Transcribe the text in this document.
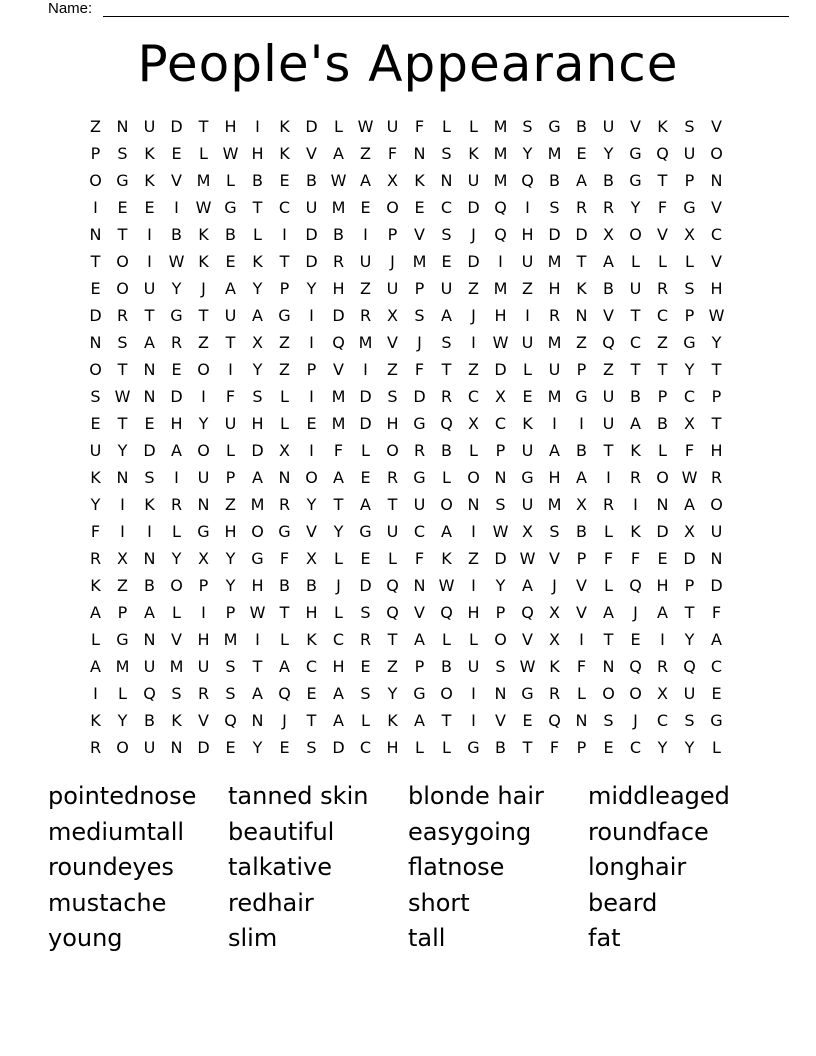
Name:
People's Appearance
Z N U D T	H	I	K D	L W U	F	L	L M S G B U V	K	S	V
P	S	K	E	L W H K	V	A	Z	F	N S	K M Y M E	Y G Q U O
O G K	V M L	B	E	B W A	X	K N U M Q B	A	B G T	P	N
I	E	E	I	W G T	C U M E O E	C D Q	I	S	R R	Y	F	G V
N	T	I	B	K	B	L	I	D B	I	P	V	S	J	Q H D D X O V	X C
T O	I	W K	E	K	T D R U	J	M E D	I	U M T	A	L	L	L	V
E O U	Y	J	A	Y	P	Y	H Z U	P	U Z M Z H K	B U R	S H
D R	T G T	U A G	I	D R X	S	A	J	H	I	R N V	T	C	P W
N S	A R Z	T	X	Z	I	Q M V	J	S	I	W U M Z Q C Z G Y
O T	N E O	I	Y	Z	P	V	I	Z	F	T	Z D	L	U	P	Z	T	T	Y	T
S W N D	I	F	S	L	I	M D S D R C X	E M G U B	P	C	P
E	T	E H	Y	U H	L	E M D H G Q X C	K	I	I	U A	B	X	T
U	Y D A O	L	D X	I	F	L	O R B	L	P	U A	B	T	K	L	F	H
K N S	I	U	P	A N O A	E	R G	L	O N G H A	I	R O W R
Y	I	K	R N Z M R	Y	T	A	T	U O N S	U M X R	I	N A O
F	I	I	L	G H O G V	Y G U C A	I	W X	S	B	L	K D X U
R X N	Y	X	Y G	F	X	L	E	L	F	K	Z D W V	P	F	F	E D N
K	Z	B O P	Y	H B	B	J	D Q N W	I	Y	A	J	V	L	Q H	P	D
A	P	A	L	I	P W T	H	L	S Q V Q H	P Q X	V	A	J	A	T	F
L	G N V H M	I	L	K	C R	T	A	L	L	O V	X	I	T	E	I	Y	A
A M U M U	S	T	A C H E	Z	P	B U	S W K	F	N Q R Q C
I	L	Q S	R	S	A Q E	A	S	Y G O	I	N G R	L	O O X U	E
K	Y	B	K	V Q N	J	T	A	L	K	A	T	I	V	E Q N S	J	C	S G
R O U N D E	Y	E	S D C H	L	L	G B	T	F	P	E	C	Y	Y	L
pointednose	tanned skin	blonde hair	middleaged
mediumtall	beautiful	easygoing	roundface
roundeyes	talkative	flatnose	longhair
mustache	redhair	short	beard
young	slim	tall	fat
